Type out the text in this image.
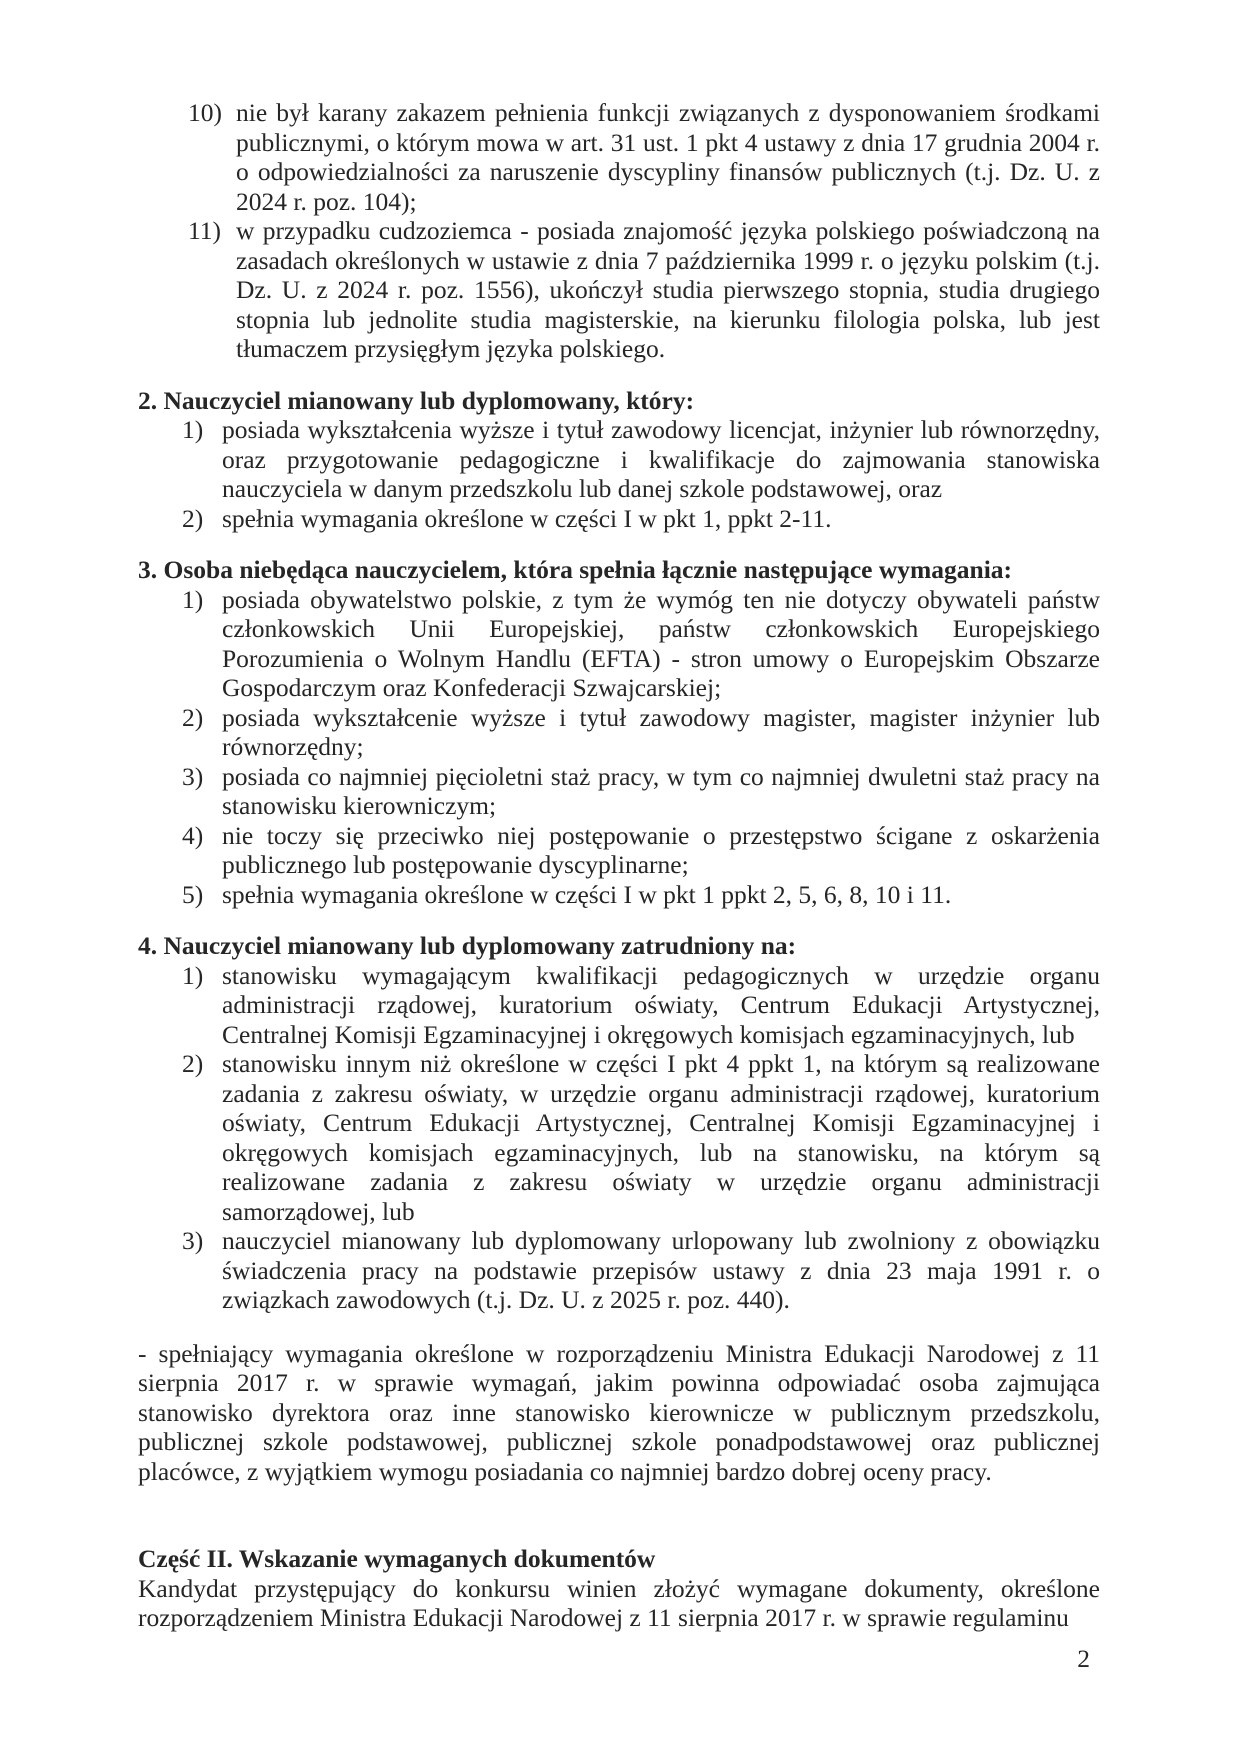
10) nie był karany zakazem pełnienia funkcji związanych z dysponowaniem środkami publicznymi, o którym mowa w art. 31 ust. 1 pkt 4 ustawy z dnia 17 grudnia 2004 r. o odpowiedzialności za naruszenie dyscypliny finansów publicznych (t.j. Dz. U. z 2024 r. poz. 104);
11) w przypadku cudzoziemca - posiada znajomość języka polskiego poświadczoną na zasadach określonych w ustawie z dnia 7 października 1999 r. o języku polskim (t.j. Dz. U. z 2024 r. poz. 1556), ukończył studia pierwszego stopnia, studia drugiego stopnia lub jednolite studia magisterskie, na kierunku filologia polska, lub jest tłumaczem przysięgłym języka polskiego.
2. Nauczyciel mianowany lub dyplomowany, który:
1) posiada wykształcenia wyższe i tytuł zawodowy licencjat, inżynier lub równorzędny, oraz przygotowanie pedagogiczne i kwalifikacje do zajmowania stanowiska nauczyciela w danym przedszkolu lub danej szkole podstawowej, oraz
2) spełnia wymagania określone w części I w pkt 1, ppkt 2-11.
3. Osoba niebędąca nauczycielem, która spełnia łącznie następujące wymagania:
1) posiada obywatelstwo polskie, z tym że wymóg ten nie dotyczy obywateli państw członkowskich Unii Europejskiej, państw członkowskich Europejskiego Porozumienia o Wolnym Handlu (EFTA) - stron umowy o Europejskim Obszarze Gospodarczym oraz Konfederacji Szwajcarskiej;
2) posiada wykształcenie wyższe i tytuł zawodowy magister, magister inżynier lub równorzędny;
3) posiada co najmniej pięcioletni staż pracy, w tym co najmniej dwuletni staż pracy na stanowisku kierowniczym;
4) nie toczy się przeciwko niej postępowanie o przestępstwo ścigane z oskarżenia publicznego lub postępowanie dyscyplinarne;
5) spełnia wymagania określone w części I w pkt 1 ppkt 2, 5, 6, 8, 10 i 11.
4. Nauczyciel mianowany lub dyplomowany zatrudniony na:
1) stanowisku wymagającym kwalifikacji pedagogicznych w urzędzie organu administracji rządowej, kuratorium oświaty, Centrum Edukacji Artystycznej, Centralnej Komisji Egzaminacyjnej i okręgowych komisjach egzaminacyjnych, lub
2) stanowisku innym niż określone w części I pkt 4 ppkt 1, na którym są realizowane zadania z zakresu oświaty, w urzędzie organu administracji rządowej, kuratorium oświaty, Centrum Edukacji Artystycznej, Centralnej Komisji Egzaminacyjnej i okręgowych komisjach egzaminacyjnych, lub na stanowisku, na którym są realizowane zadania z zakresu oświaty w urzędzie organu administracji samorządowej, lub
3) nauczyciel mianowany lub dyplomowany urlopowany lub zwolniony z obowiązku świadczenia pracy na podstawie przepisów ustawy z dnia 23 maja 1991 r. o związkach zawodowych (t.j. Dz. U. z 2025 r. poz. 440).
- spełniający wymagania określone w rozporządzeniu Ministra Edukacji Narodowej z 11 sierpnia 2017 r. w sprawie wymagań, jakim powinna odpowiadać osoba zajmująca stanowisko dyrektora oraz inne stanowisko kierownicze w publicznym przedszkolu, publicznej szkole podstawowej, publicznej szkole ponadpodstawowej oraz publicznej placówce, z wyjątkiem wymogu posiadania co najmniej bardzo dobrej oceny pracy.
Część II. Wskazanie wymaganych dokumentów
Kandydat przystępujący do konkursu winien złożyć wymagane dokumenty, określone rozporządzeniem Ministra Edukacji Narodowej z 11 sierpnia 2017 r. w sprawie regulaminu
2
